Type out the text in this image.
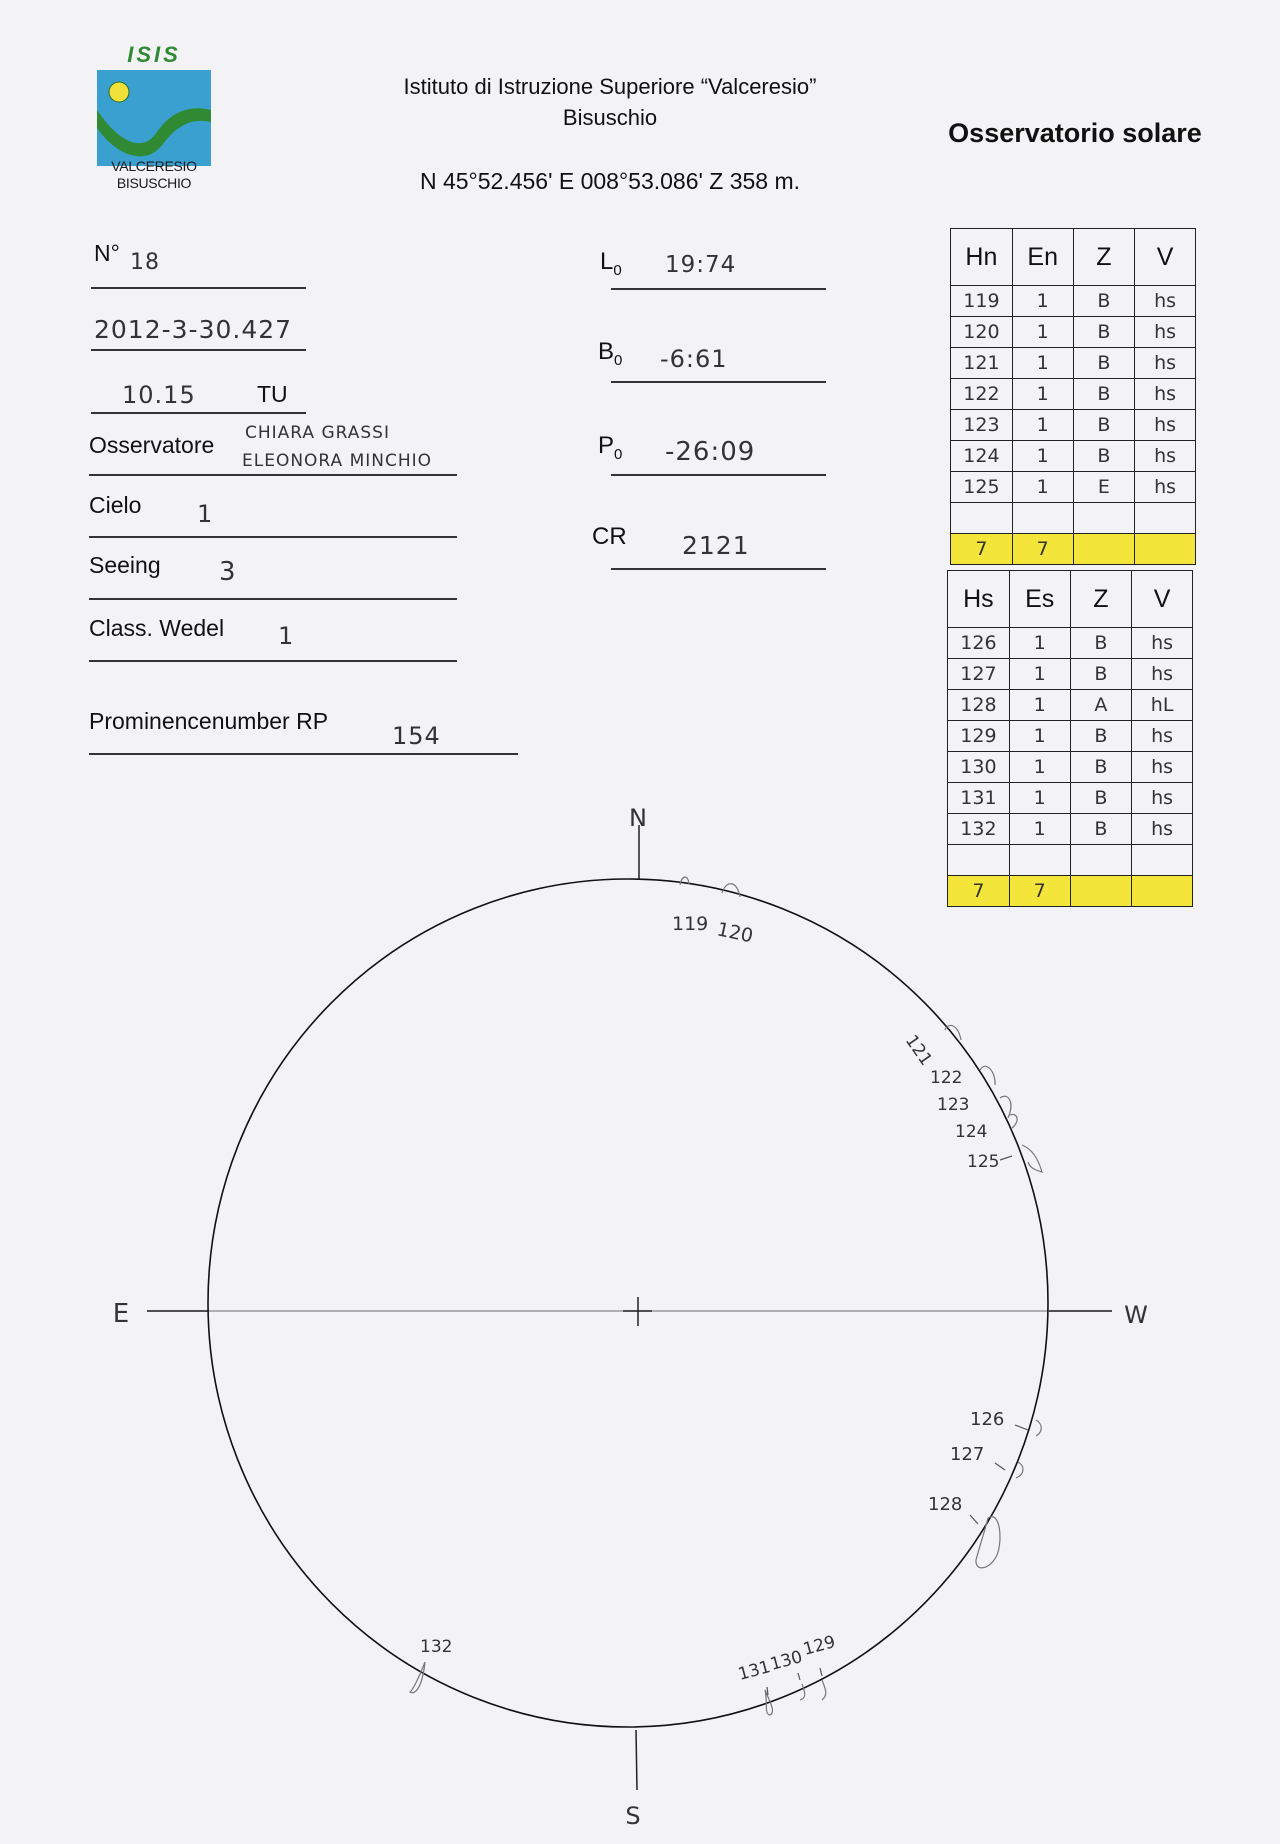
ISIS
VALCERESIO
BISUSCHIO
Istituto di Istruzione Superiore “Valceresio”
Bisuschio
N 45°52.456' E 008°53.086' Z 358 m.
Osservatorio solare
N° 18
2012-3-30.427
10.15	TU
Osservatore CHIARA GRASSI
ELEONORA MINCHIO
Cielo 1
Seeing 3
Class. Wedel 1
Prominencenumber RP
154
$L_0$ 19:74
$B_0$ -6:61
$P_0$ -26:09
CR 2121
Hn	En	Z	V
119	1	B	hs
120	1	B	hs
121	1	B	hs
122	1	B	hs
123	1	B	hs
124	1	B	hs
125	1	E	hs

7	7		
Hs	Es	Z	V
126	1	B	hs
127	1	B	hs
128	1	A	hL
129	1	B	hs
130	1	B	hs
131	1	B	hs
132	1	B	hs

7	7		
N
S
E	W
119 120
121
122
123
124
125
126
127
128
129
130
131
132
